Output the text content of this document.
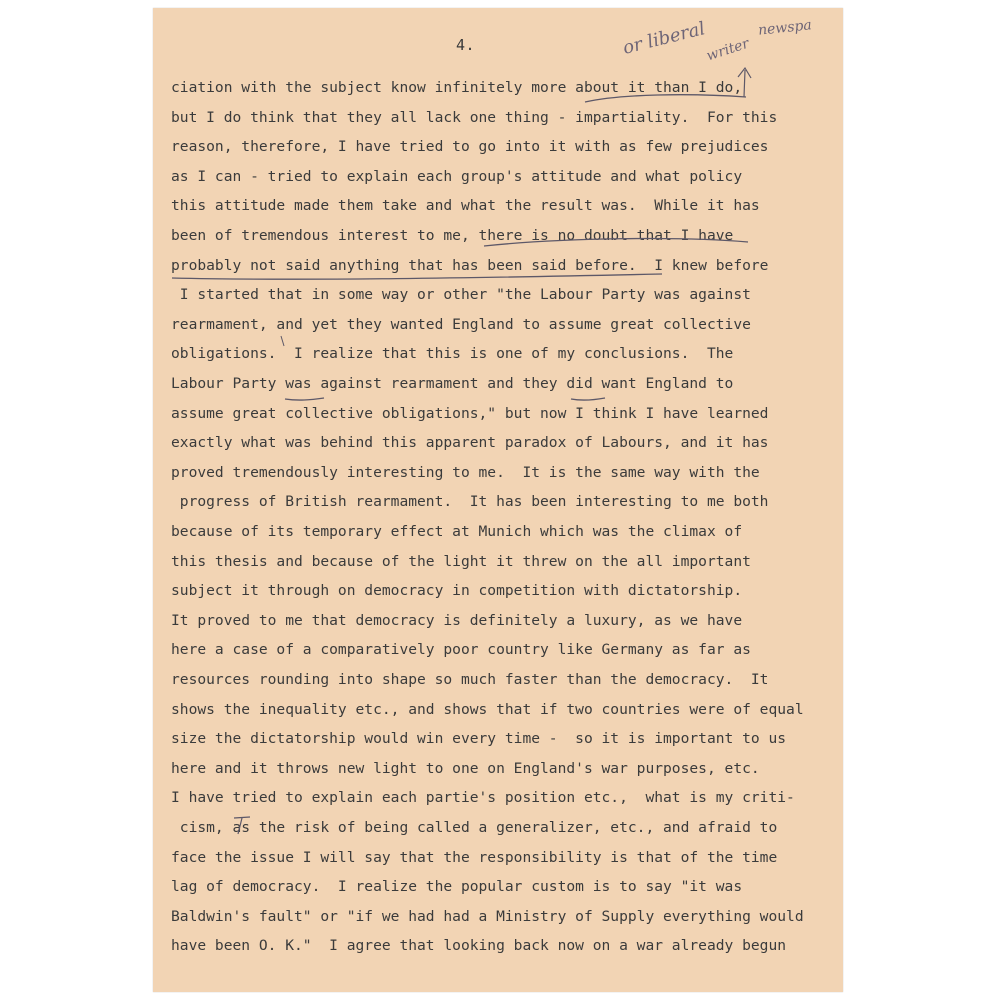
4.	or liberal
writer
newspa
ciation with the subject know infinitely more about it than I do,
but I do think that they all lack one thing - impartiality.  For this
reason, therefore, I have tried to go into it with as few prejudices
as I can - tried to explain each group's attitude and what policy
this attitude made them take and what the result was.  While it has
been of tremendous interest to me, there is no doubt that I have
probably not said anything that has been said before.  I knew before
I started that in some way or other "the Labour Party was against
rearmament, and yet they wanted England to assume great collective
obligations.  I realize that this is one of my conclusions.  The
Labour Party was against rearmament and they did want England to
assume great collective obligations," but now I think I have learned
exactly what was behind this apparent paradox of Labours, and it has
proved tremendously interesting to me.  It is the same way with the
progress of British rearmament.  It has been interesting to me both
because of its temporary effect at Munich which was the climax of
this thesis and because of the light it threw on the all important
subject it through on democracy in competition with dictatorship.
It proved to me that democracy is definitely a luxury, as we have
here a case of a comparatively poor country like Germany as far as
resources rounding into shape so much faster than the democracy.  It
shows the inequality etc., and shows that if two countries were of equal
size the dictatorship would win every time -  so it is important to us
here and it throws new light to one on England's war purposes, etc.
I have tried to explain each partie's position etc.,  what is my criti-
cism, as the risk of being called a generalizer, etc., and afraid to
face the issue I will say that the responsibility is that of the time
lag of democracy.  I realize the popular custom is to say "it was
Baldwin's fault" or "if we had had a Ministry of Supply everything would
have been O. K."  I agree that looking back now on a war already begun
